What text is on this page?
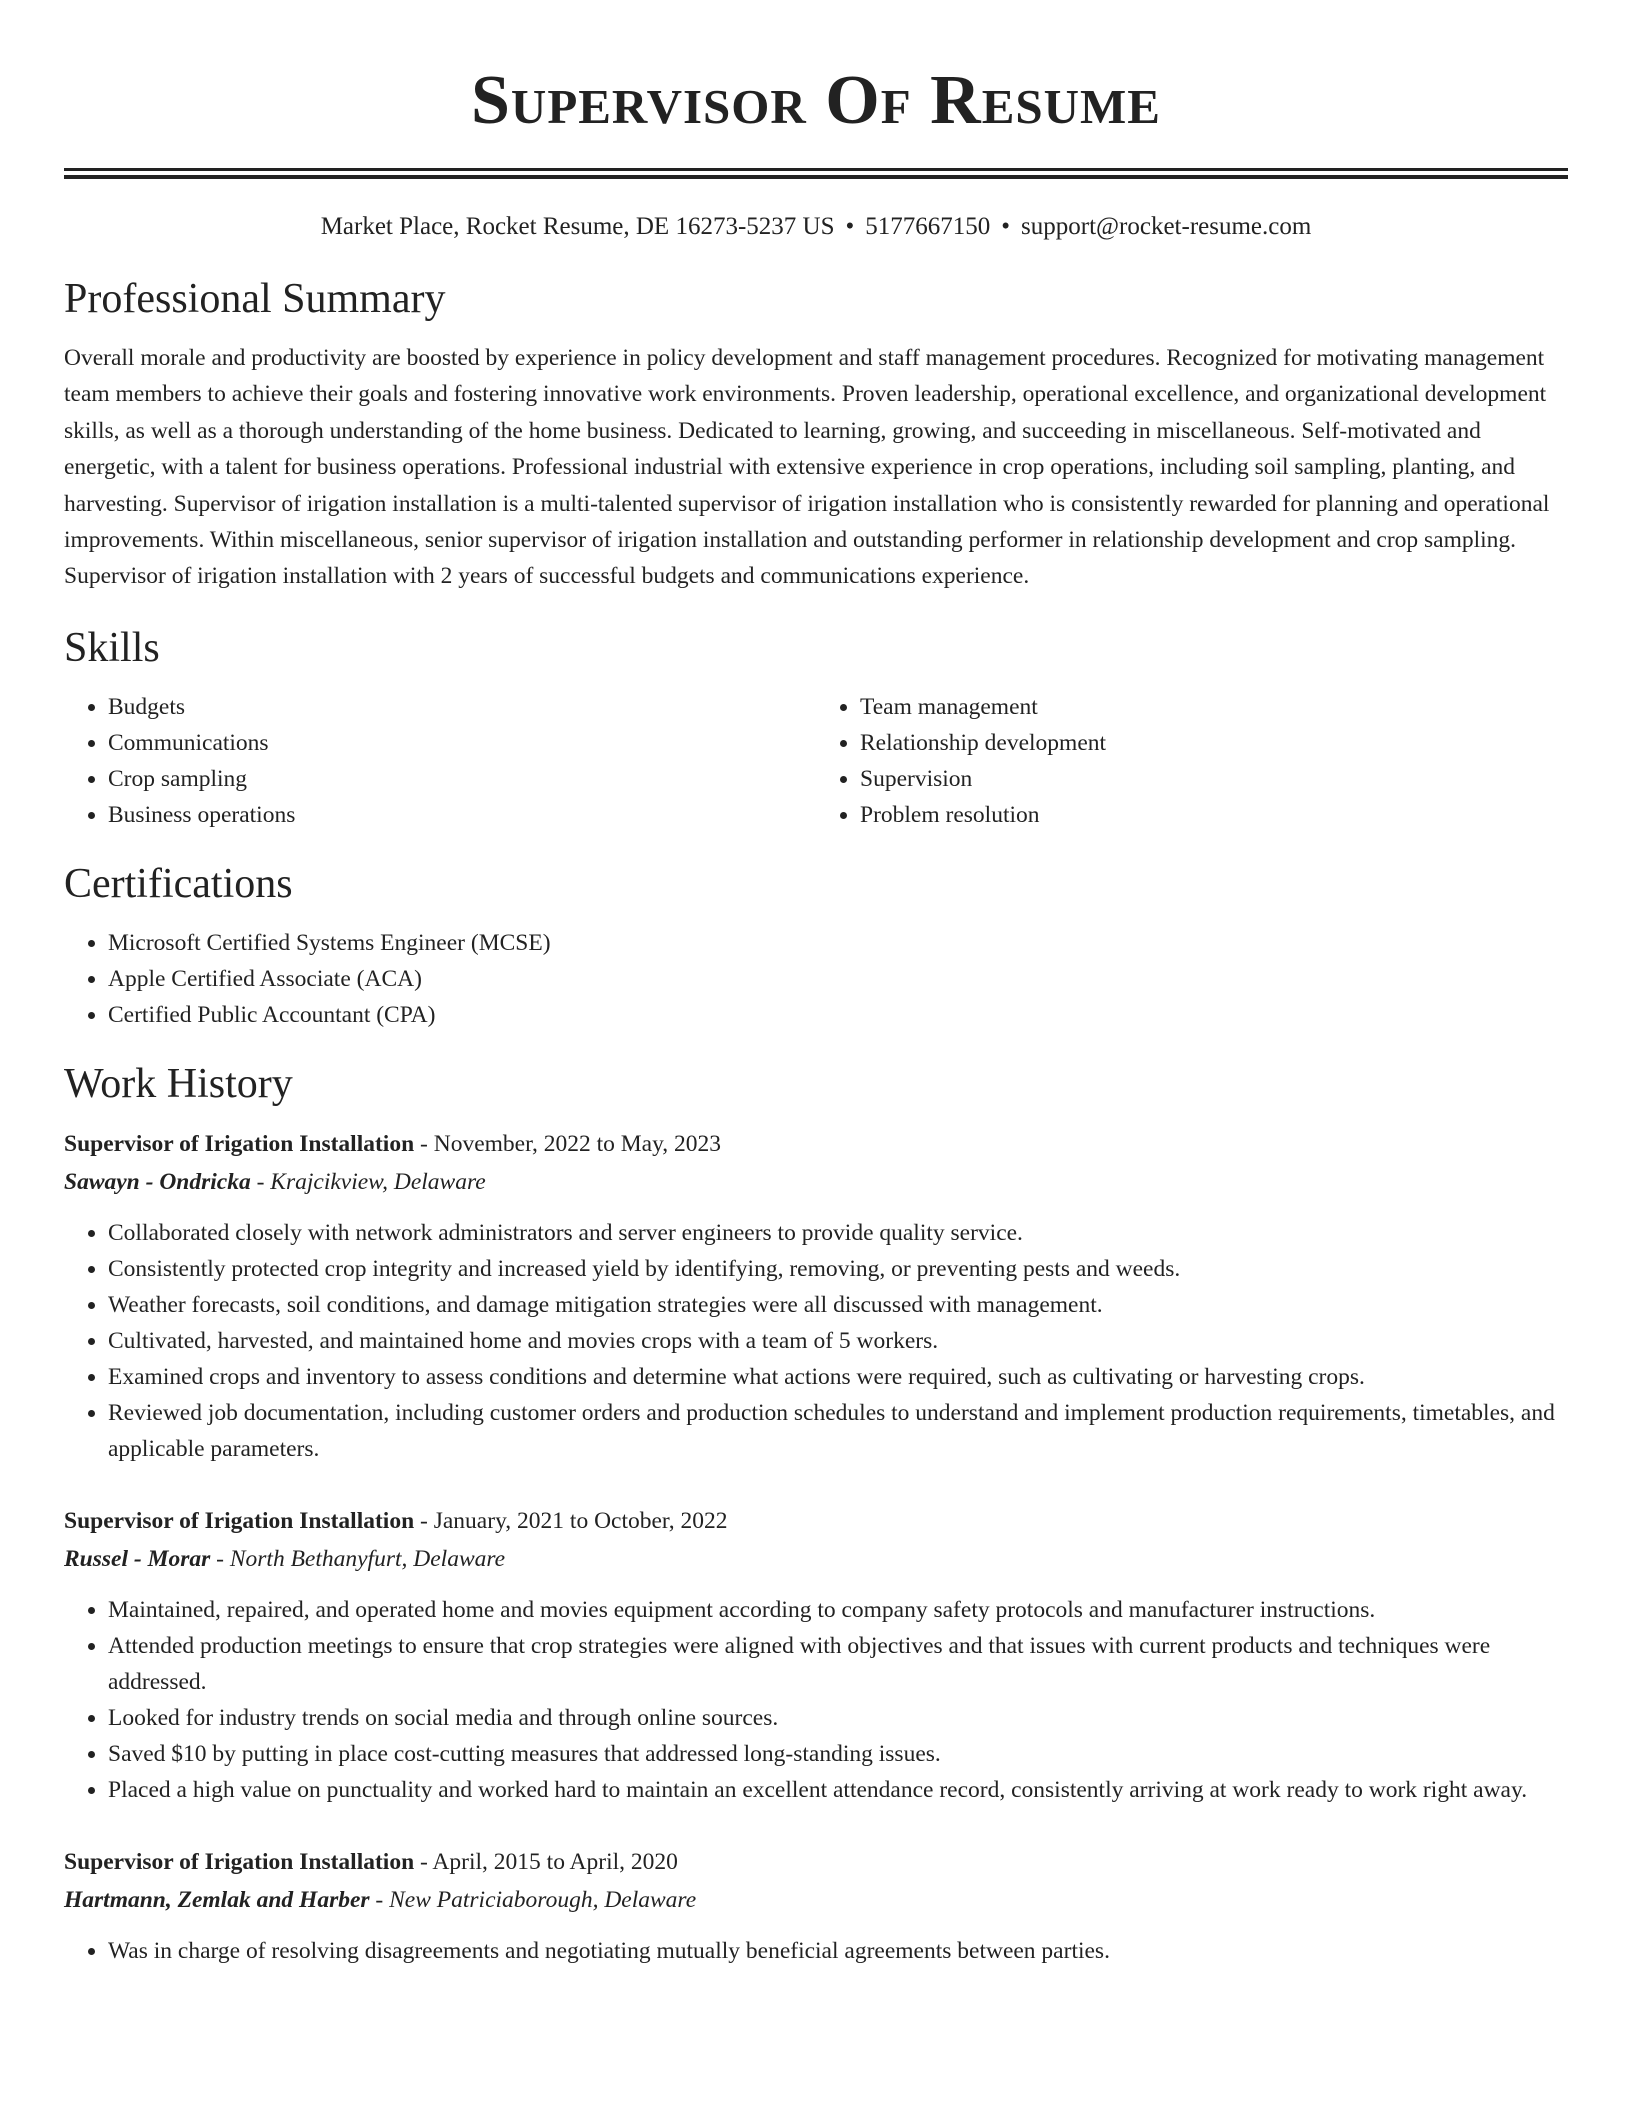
Supervisor Of Resume
Market Place, Rocket Resume, DE 16273-5237 US • 5177667150 • support@rocket-resume.com
Professional Summary
Overall morale and productivity are boosted by experience in policy development and staff management procedures. Recognized for motivating management team members to achieve their goals and fostering innovative work environments. Proven leadership, operational excellence, and organizational development skills, as well as a thorough understanding of the home business. Dedicated to learning, growing, and succeeding in miscellaneous. Self-motivated and energetic, with a talent for business operations. Professional industrial with extensive experience in crop operations, including soil sampling, planting, and harvesting. Supervisor of irigation installation is a multi-talented supervisor of irigation installation who is consistently rewarded for planning and operational improvements. Within miscellaneous, senior supervisor of irigation installation and outstanding performer in relationship development and crop sampling. Supervisor of irigation installation with 2 years of successful budgets and communications experience.
Skills
• Budgets
• Communications
• Crop sampling
• Business operations
• Team management
• Relationship development
• Supervision
• Problem resolution
Certifications
• Microsoft Certified Systems Engineer (MCSE)
• Apple Certified Associate (ACA)
• Certified Public Accountant (CPA)
Work History
Supervisor of Irigation Installation - November, 2022 to May, 2023
Sawayn - Ondricka - Krajcikview, Delaware
• Collaborated closely with network administrators and server engineers to provide quality service.
• Consistently protected crop integrity and increased yield by identifying, removing, or preventing pests and weeds.
• Weather forecasts, soil conditions, and damage mitigation strategies were all discussed with management.
• Cultivated, harvested, and maintained home and movies crops with a team of 5 workers.
• Examined crops and inventory to assess conditions and determine what actions were required, such as cultivating or harvesting crops.
• Reviewed job documentation, including customer orders and production schedules to understand and implement production requirements, timetables, and applicable parameters.
Supervisor of Irigation Installation - January, 2021 to October, 2022
Russel - Morar - North Bethanyfurt, Delaware
• Maintained, repaired, and operated home and movies equipment according to company safety protocols and manufacturer instructions.
• Attended production meetings to ensure that crop strategies were aligned with objectives and that issues with current products and techniques were addressed.
• Looked for industry trends on social media and through online sources.
• Saved $10 by putting in place cost-cutting measures that addressed long-standing issues.
• Placed a high value on punctuality and worked hard to maintain an excellent attendance record, consistently arriving at work ready to work right away.
Supervisor of Irigation Installation - April, 2015 to April, 2020
Hartmann, Zemlak and Harber - New Patriciaborough, Delaware
• Was in charge of resolving disagreements and negotiating mutually beneficial agreements between parties.
